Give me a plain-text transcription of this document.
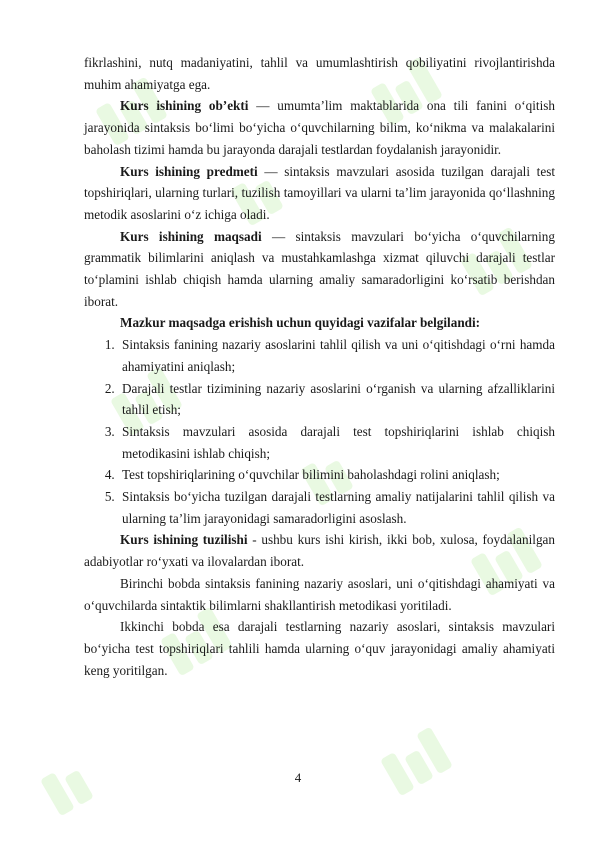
fikrlashini, nutq madaniyatini, tahlil va umumlashtirish qobiliyatini rivojlantirishda muhim ahamiyatga ega.

Kurs ishining ob’ekti — umumta’lim maktablarida ona tili fanini o‘qitish jarayonida sintaksis bo‘limi bo‘yicha o‘quvchilarning bilim, ko‘nikma va malakalarini baholash tizimi hamda bu jarayonda darajali testlardan foydalanish jarayonidir.

Kurs ishining predmeti — sintaksis mavzulari asosida tuzilgan darajali test topshiriqlari, ularning turlari, tuzilish tamoyillari va ularni ta’lim jarayonida qo‘llashning metodik asoslarini o‘z ichiga oladi.

Kurs ishining maqsadi — sintaksis mavzulari bo‘yicha o‘quvchilarning grammatik bilimlarini aniqlash va mustahkamlashga xizmat qiluvchi darajali testlar to‘plamini ishlab chiqish hamda ularning amaliy samaradorligini ko‘rsatib berishdan iborat.

Mazkur maqsadga erishish uchun quyidagi vazifalar belgilandi:

1. Sintaksis fanining nazariy asoslarini tahlil qilish va uni o‘qitishdagi o‘rni hamda ahamiyatini aniqlash;
2. Darajali testlar tizimining nazariy asoslarini o‘rganish va ularning afzalliklarini tahlil etish;
3. Sintaksis mavzulari asosida darajali test topshiriqlarini ishlab chiqish metodikasini ishlab chiqish;
4. Test topshiriqlarining o‘quvchilar bilimini baholashdagi rolini aniqlash;
5. Sintaksis bo‘yicha tuzilgan darajali testlarning amaliy natijalarini tahlil qilish va ularning ta’lim jarayonidagi samaradorligini asoslash.

Kurs ishining tuzilishi - ushbu kurs ishi kirish, ikki bob, xulosa, foydalanilgan adabiyotlar ro‘yxati va ilovalardan iborat.

Birinchi bobda sintaksis fanining nazariy asoslari, uni o‘qitishdagi ahamiyati va o‘quvchilarda sintaktik bilimlarni shakllantirish metodikasi yoritiladi.

Ikkinchi bobda esa darajali testlarning nazariy asoslari, sintaksis mavzulari bo‘yicha test topshiriqlari tahlili hamda ularning o‘quv jarayonidagi amaliy ahamiyati keng yoritilgan.

4
